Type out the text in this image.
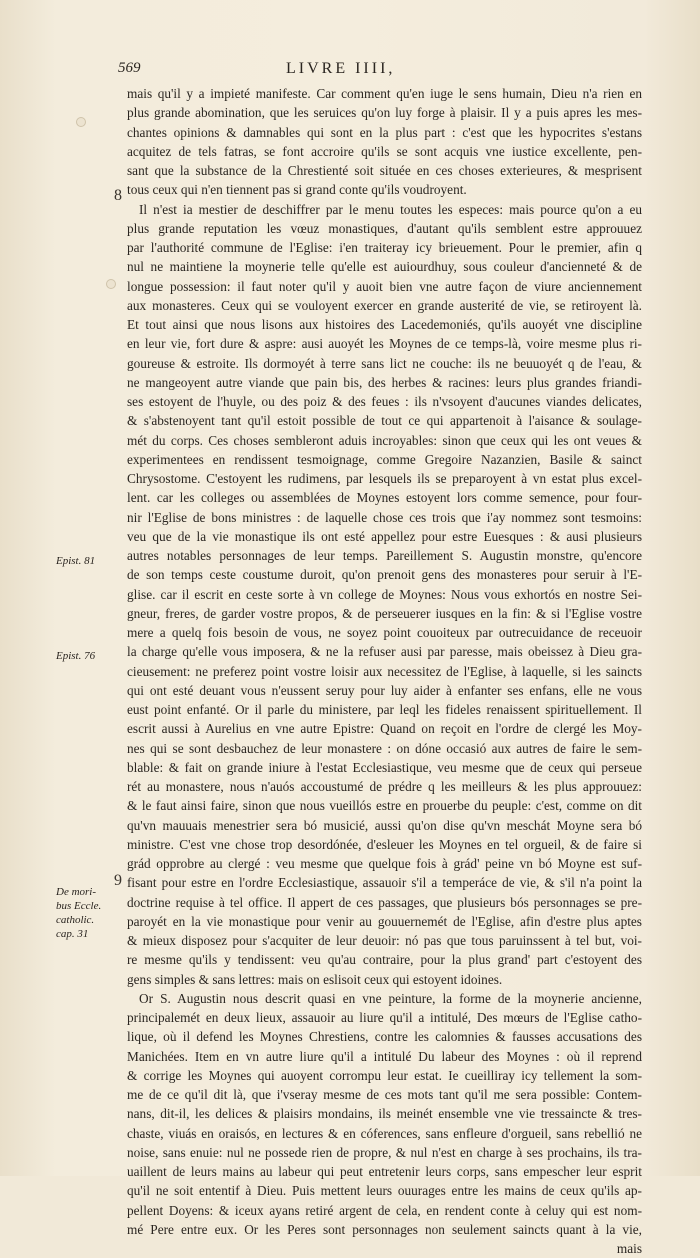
569	LIVRE IIII,
8
9
Epist. 81
Epist. 76
De mori-
bus Eccle.
catholic.
cap. 31
mais qu'il y a impieté manifeste. Car comment qu'en iuge le sens humain, Dieu n'a rien en
plus grande abomination, que les seruices qu'on luy forge à plaisir. Il y a puis apres les mes-
chantes opinions & damnables qui sont en la plus part : c'est que les hypocrites s'estans
acquitez de tels fatras, se font accroire qu'ils se sont acquis vne iustice excellente, pen-
sant que la substance de la Chrestienté soit située en ces choses exterieures, & mesprisent
tous ceux qui n'en tiennent pas si grand conte qu'ils voudroyent.
Il n'est ia mestier de deschiffrer par le menu toutes les especes: mais pource qu'on a eu
plus grande reputation les vœuz monastiques, d'autant qu'ils semblent estre approuuez
par l'authorité commune de l'Eglise: i'en traiteray icy brieuement. Pour le premier, afin q
nul ne maintiene la moynerie telle qu'elle est auiourdhuy, sous couleur d'ancienneté & de
longue possession: il faut noter qu'il y auoit bien vne autre façon de viure anciennement
aux monasteres. Ceux qui se vouloyent exercer en grande austerité de vie, se retiroyent là.
Et tout ainsi que nous lisons aux histoires des Lacedemoniés, qu'ils auoyét vne discipline
en leur vie, fort dure & aspre: ausi auoyét les Moynes de ce temps-là, voire mesme plus ri-
goureuse & estroite. Ils dormoyét à terre sans lict ne couche: ils ne beuuoyét q de l'eau, &
ne mangeoyent autre viande que pain bis, des herbes & racines: leurs plus grandes friandi-
ses estoyent de l'huyle, ou des poiz & des feues : ils n'vsoyent d'aucunes viandes delicates,
& s'abstenoyent tant qu'il estoit possible de tout ce qui appartenoit à l'aisance & soulage-
mét du corps. Ces choses sembleront aduis incroyables: sinon que ceux qui les ont veues &
experimentees en rendissent tesmoignage, comme Gregoire Nazanzien, Basile & sainct
Chrysostome. C'estoyent les rudimens, par lesquels ils se preparoyent à vn estat plus excel-
lent. car les colleges ou assemblées de Moynes estoyent lors comme semence, pour four-
nir l'Eglise de bons ministres : de laquelle chose ces trois que i'ay nommez sont tesmoins:
veu que de la vie monastique ils ont esté appellez pour estre Euesques : & ausi plusieurs
autres notables personnages de leur temps. Pareillement S. Augustin monstre, qu'encore
de son temps ceste coustume duroit, qu'on prenoit gens des monasteres pour seruir à l'E-
glise. car il escrit en ceste sorte à vn college de Moynes: Nous vous exhortós en nostre Sei-
gneur, freres, de garder vostre propos, & de perseuerer iusques en la fin: & si l'Eglise vostre
mere a quelq fois besoin de vous, ne soyez point couoiteux par outrecuidance de receuoir
la charge qu'elle vous imposera, & ne la refuser ausi par paresse, mais obeissez à Dieu gra-
cieusement: ne preferez point vostre loisir aux necessitez de l'Eglise, à laquelle, si les saincts
qui ont esté deuant vous n'eussent seruy pour luy aider à enfanter ses enfans, elle ne vous
eust point enfanté. Or il parle du ministere, par leql les fideles renaissent spirituellement. Il
escrit aussi à Aurelius en vne autre Epistre: Quand on reçoit en l'ordre de clergé les Moy-
nes qui se sont desbauchez de leur monastere : on dóne occasió aux autres de faire le sem-
blable: & fait on grande iniure à l'estat Ecclesiastique, veu mesme que de ceux qui perseue
rét au monastere, nous n'auós accoustumé de prédre q les meilleurs & les plus approuuez:
& le faut ainsi faire, sinon que nous vueillós estre en prouerbe du peuple: c'est, comme on dit
qu'vn mauuais menestrier sera bó musicié, aussi qu'on dise qu'vn meschát Moyne sera bó
ministre. C'est vne chose trop desordónée, d'esleuer les Moynes en tel orgueil, & de faire si
grád opprobre au clergé : veu mesme que quelque fois à grád' peine vn bó Moyne est suf-
fisant pour estre en l'ordre Ecclesiastique, assauoir s'il a temperáce de vie, & s'il n'a point la
doctrine requise à tel office. Il appert de ces passages, que plusieurs bós personnages se pre-
paroyét en la vie monastique pour venir au gouuernemét de l'Eglise, afin d'estre plus aptes
& mieux disposez pour s'acquiter de leur deuoir: nó pas que tous paruinssent à tel but, voi-
re mesme qu'ils y tendissent: veu qu'au contraire, pour la plus grand' part c'estoyent des
gens simples & sans lettres: mais on eslisoit ceux qui estoyent idoines.
Or S. Augustin nous descrit quasi en vne peinture, la forme de la moynerie ancienne,
principalemét en deux lieux, assauoir au liure qu'il a intitulé, Des mœurs de l'Eglise catho-
lique, où il defend les Moynes Chrestiens, contre les calomnies & fausses accusations des
Manichées. Item en vn autre liure qu'il a intitulé Du labeur des Moynes : où il reprend
& corrige les Moynes qui auoyent corrompu leur estat. Ie cueilliray icy tellement la som-
me de ce qu'il dit là, que i'vseray mesme de ces mots tant qu'il me sera possible: Contem-
nans, dit-il, les delices & plaisirs mondains, ils meinét ensemble vne vie tressaincte & tres-
chaste, viuás en oraisós, en lectures & en cóferences, sans enfleure d'orgueil, sans rebellió ne
noise, sans enuie: nul ne possede rien de propre, & nul n'est en charge à ses prochains, ils tra-
uaillent de leurs mains au labeur qui peut entretenir leurs corps, sans empescher leur esprit
qu'il ne soit ententif à Dieu. Puis mettent leurs ouurages entre les mains de ceux qu'ils ap-
pellent Doyens: & iceux ayans retiré argent de cela, en rendent conte à celuy qui est nom-
mé Pere entre eux. Or les Peres sont personnages non seulement saincts quant à la vie,
mais
